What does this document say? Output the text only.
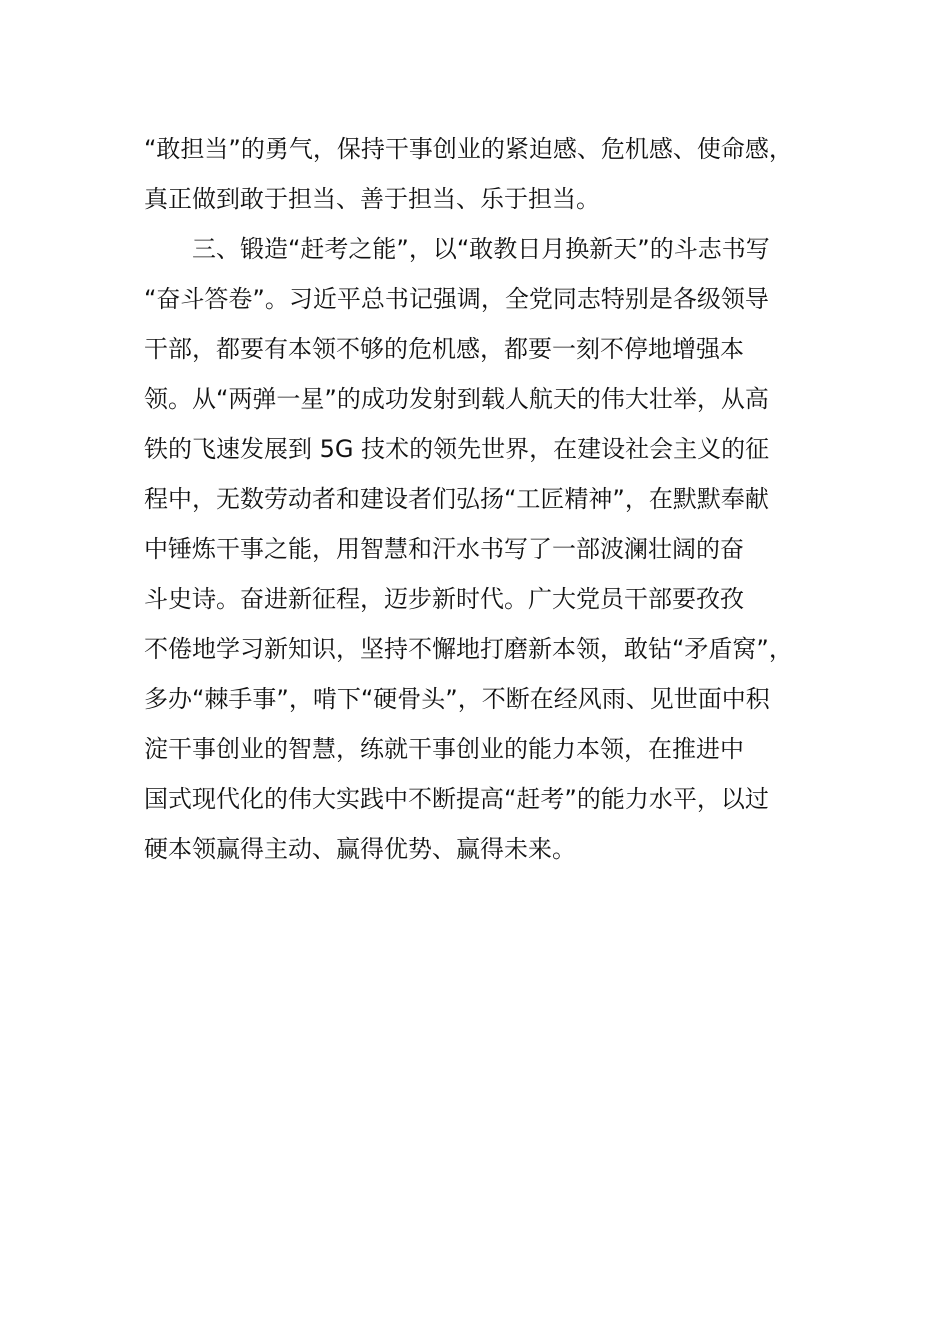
“敢担当”的勇气，保持干事创业的紧迫感、危机感、使命感，
真正做到敢于担当、善于担当、乐于担当。
三、锻造“赶考之能”，以“敢教日月换新天”的斗志书写
“奋斗答卷”。习近平总书记强调，全党同志特别是各级领导
干部，都要有本领不够的危机感，都要一刻不停地增强本
领。从“两弹一星”的成功发射到载人航天的伟大壮举，从高
铁的飞速发展到 5G 技术的领先世界，在建设社会主义的征
程中，无数劳动者和建设者们弘扬“工匠精神”，在默默奉献
中锤炼干事之能，用智慧和汗水书写了一部波澜壮阔的奋
斗史诗。奋进新征程，迈步新时代。广大党员干部要孜孜
不倦地学习新知识，坚持不懈地打磨新本领，敢钻“矛盾窝”，
多办“棘手事”，啃下“硬骨头”，不断在经风雨、见世面中积
淀干事创业的智慧，练就干事创业的能力本领，在推进中
国式现代化的伟大实践中不断提高“赶考”的能力水平，以过
硬本领赢得主动、赢得优势、赢得未来。
